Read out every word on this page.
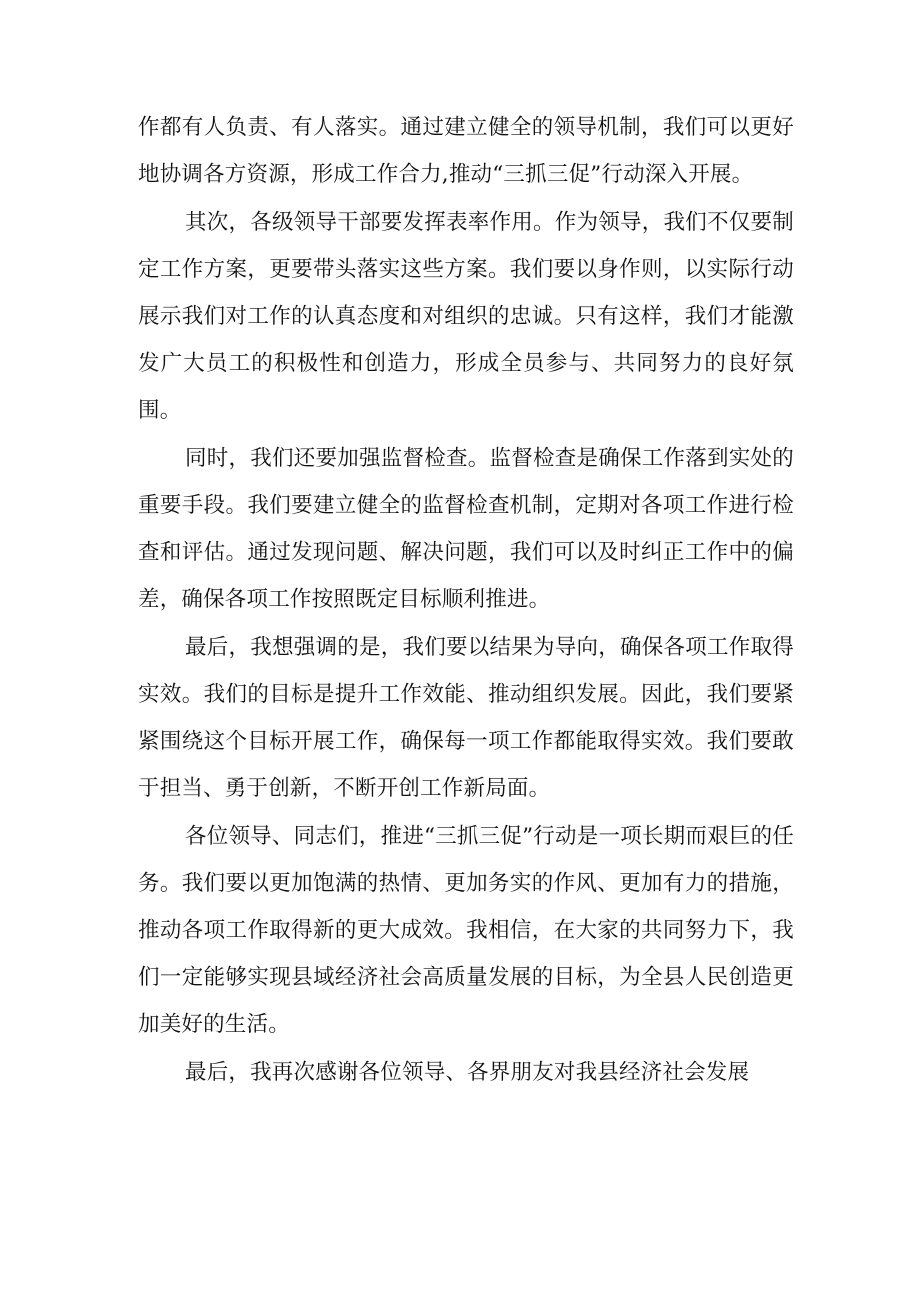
作都有人负责、有人落实。通过建立健全的领导机制，我们可以更好地协调各方资源，形成工作合力,推动“三抓三促”行动深入开展。

其次，各级领导干部要发挥表率作用。作为领导，我们不仅要制定工作方案，更要带头落实这些方案。我们要以身作则，以实际行动展示我们对工作的认真态度和对组织的忠诚。只有这样，我们才能激发广大员工的积极性和创造力，形成全员参与、共同努力的良好氛围。

同时，我们还要加强监督检查。监督检查是确保工作落到实处的重要手段。我们要建立健全的监督检查机制，定期对各项工作进行检查和评估。通过发现问题、解决问题，我们可以及时纠正工作中的偏差，确保各项工作按照既定目标顺利推进。

最后，我想强调的是，我们要以结果为导向，确保各项工作取得实效。我们的目标是提升工作效能、推动组织发展。因此，我们要紧紧围绕这个目标开展工作，确保每一项工作都能取得实效。我们要敢于担当、勇于创新，不断开创工作新局面。

各位领导、同志们，推进“三抓三促”行动是一项长期而艰巨的任务。我们要以更加饱满的热情、更加务实的作风、更加有力的措施，推动各项工作取得新的更大成效。我相信，在大家的共同努力下，我们一定能够实现县域经济社会高质量发展的目标，为全县人民创造更加美好的生活。

最后，我再次感谢各位领导、各界朋友对我县经济社会发展
